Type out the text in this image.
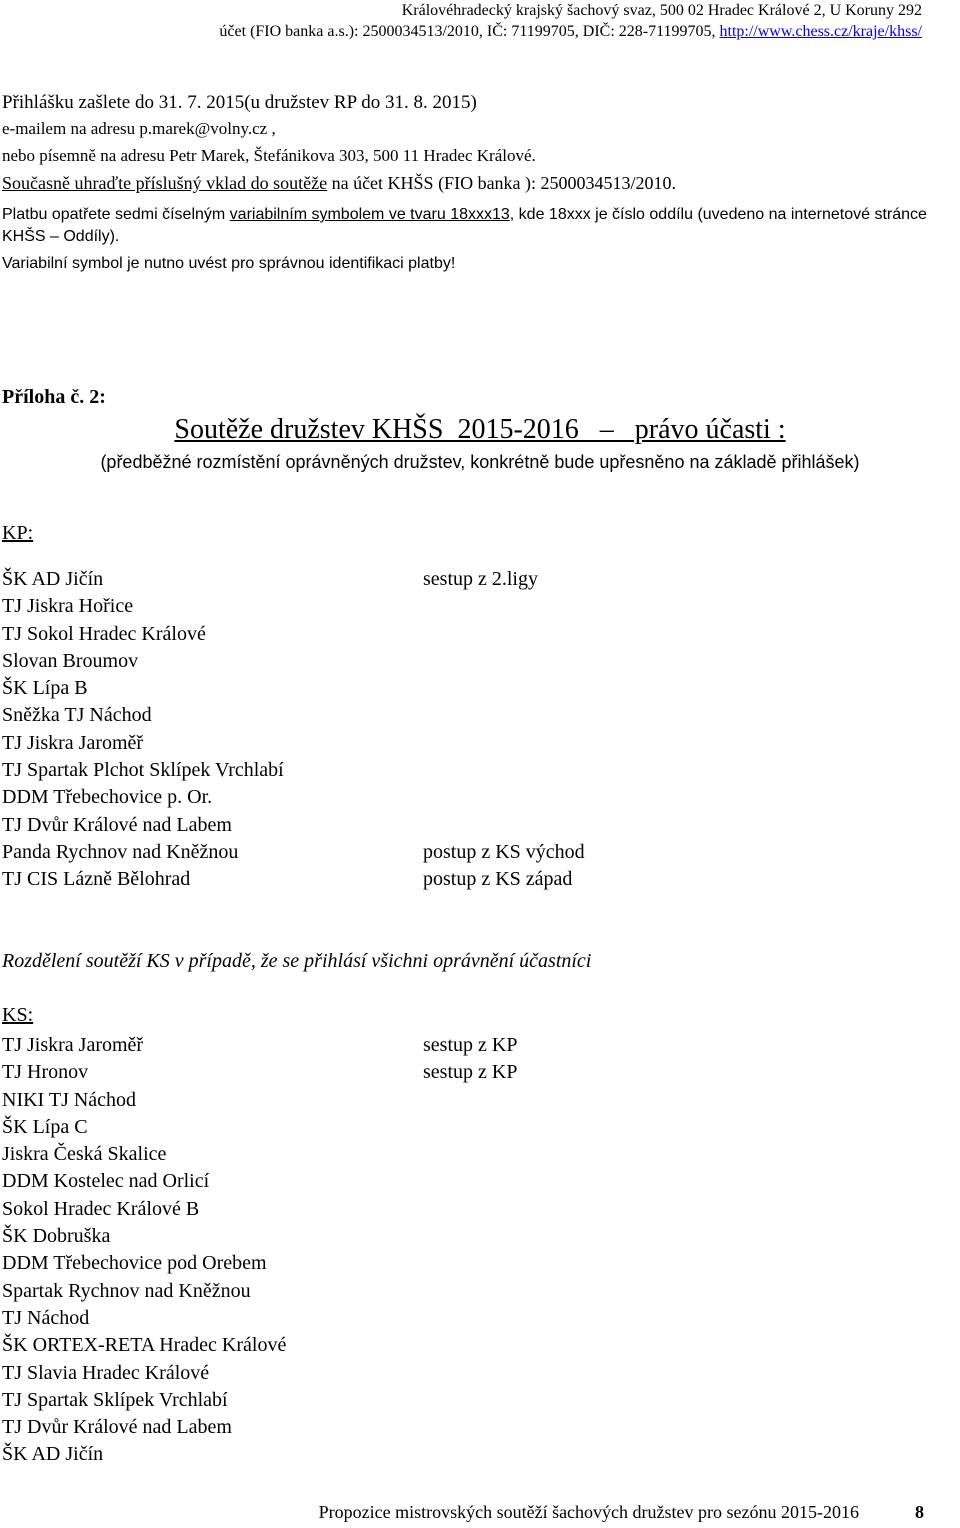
Královéhradecký krajský šachový svaz, 500 02 Hradec Králové 2, U Koruny 292
účet (FIO banka a.s.): 2500034513/2010, IČ: 71199705, DIČ: 228-71199705, http://www.chess.cz/kraje/khss/
Přihlášku zašlete do 31. 7. 2015(u družstev RP do 31. 8. 2015)
e-mailem na adresu p.marek@volny.cz ,
nebo písemně na adresu Petr Marek, Štefánikova 303, 500 11 Hradec Králové.
Současně uhraďte příslušný vklad do soutěže na účet KHŠS (FIO banka ): 2500034513/2010.
Platbu opatřete sedmi číselným variabilním symbolem ve tvaru 18xxx13, kde 18xxx je číslo oddílu (uvedeno na internetové stránce KHŠS – Oddíly).
Variabilní symbol je nutno uvést pro správnou identifikaci platby!
Příloha č. 2:
Soutěže družstev KHŠS  2015-2016   –   právo účasti :
(předběžné rozmístění oprávněných družstev, konkrétně bude upřesněno na základě přihlášek)
KP:
ŠK AD Jičín	sestup z 2.ligy
TJ Jiskra Hořice
TJ Sokol Hradec Králové
Slovan Broumov
ŠK Lípa B
Sněžka TJ Náchod
TJ Jiskra Jaroměř
TJ Spartak Plchot Sklípek Vrchlabí
DDM Třebechovice p. Or.
TJ Dvůr Králové nad Labem
Panda Rychnov nad Kněžnou	postup z KS východ
TJ CIS Lázně Bělohrad	postup z KS západ
Rozdělení soutěží KS v případě, že se přihlásí všichni oprávnění účastníci
KS:
TJ Jiskra Jaroměř	sestup z KP
TJ Hronov	sestup z KP
NIKI TJ Náchod
ŠK Lípa C
Jiskra Česká Skalice
DDM Kostelec nad Orlicí
Sokol Hradec Králové B
ŠK Dobruška
DDM Třebechovice pod Orebem
Spartak Rychnov nad Kněžnou
TJ Náchod
ŠK ORTEX-RETA Hradec Králové
TJ Slavia Hradec Králové
TJ Spartak Sklípek Vrchlabí
TJ Dvůr Králové nad Labem
ŠK AD Jičín
Propozice mistrovských soutěží šachových družstev pro sezónu 2015-2016	8
